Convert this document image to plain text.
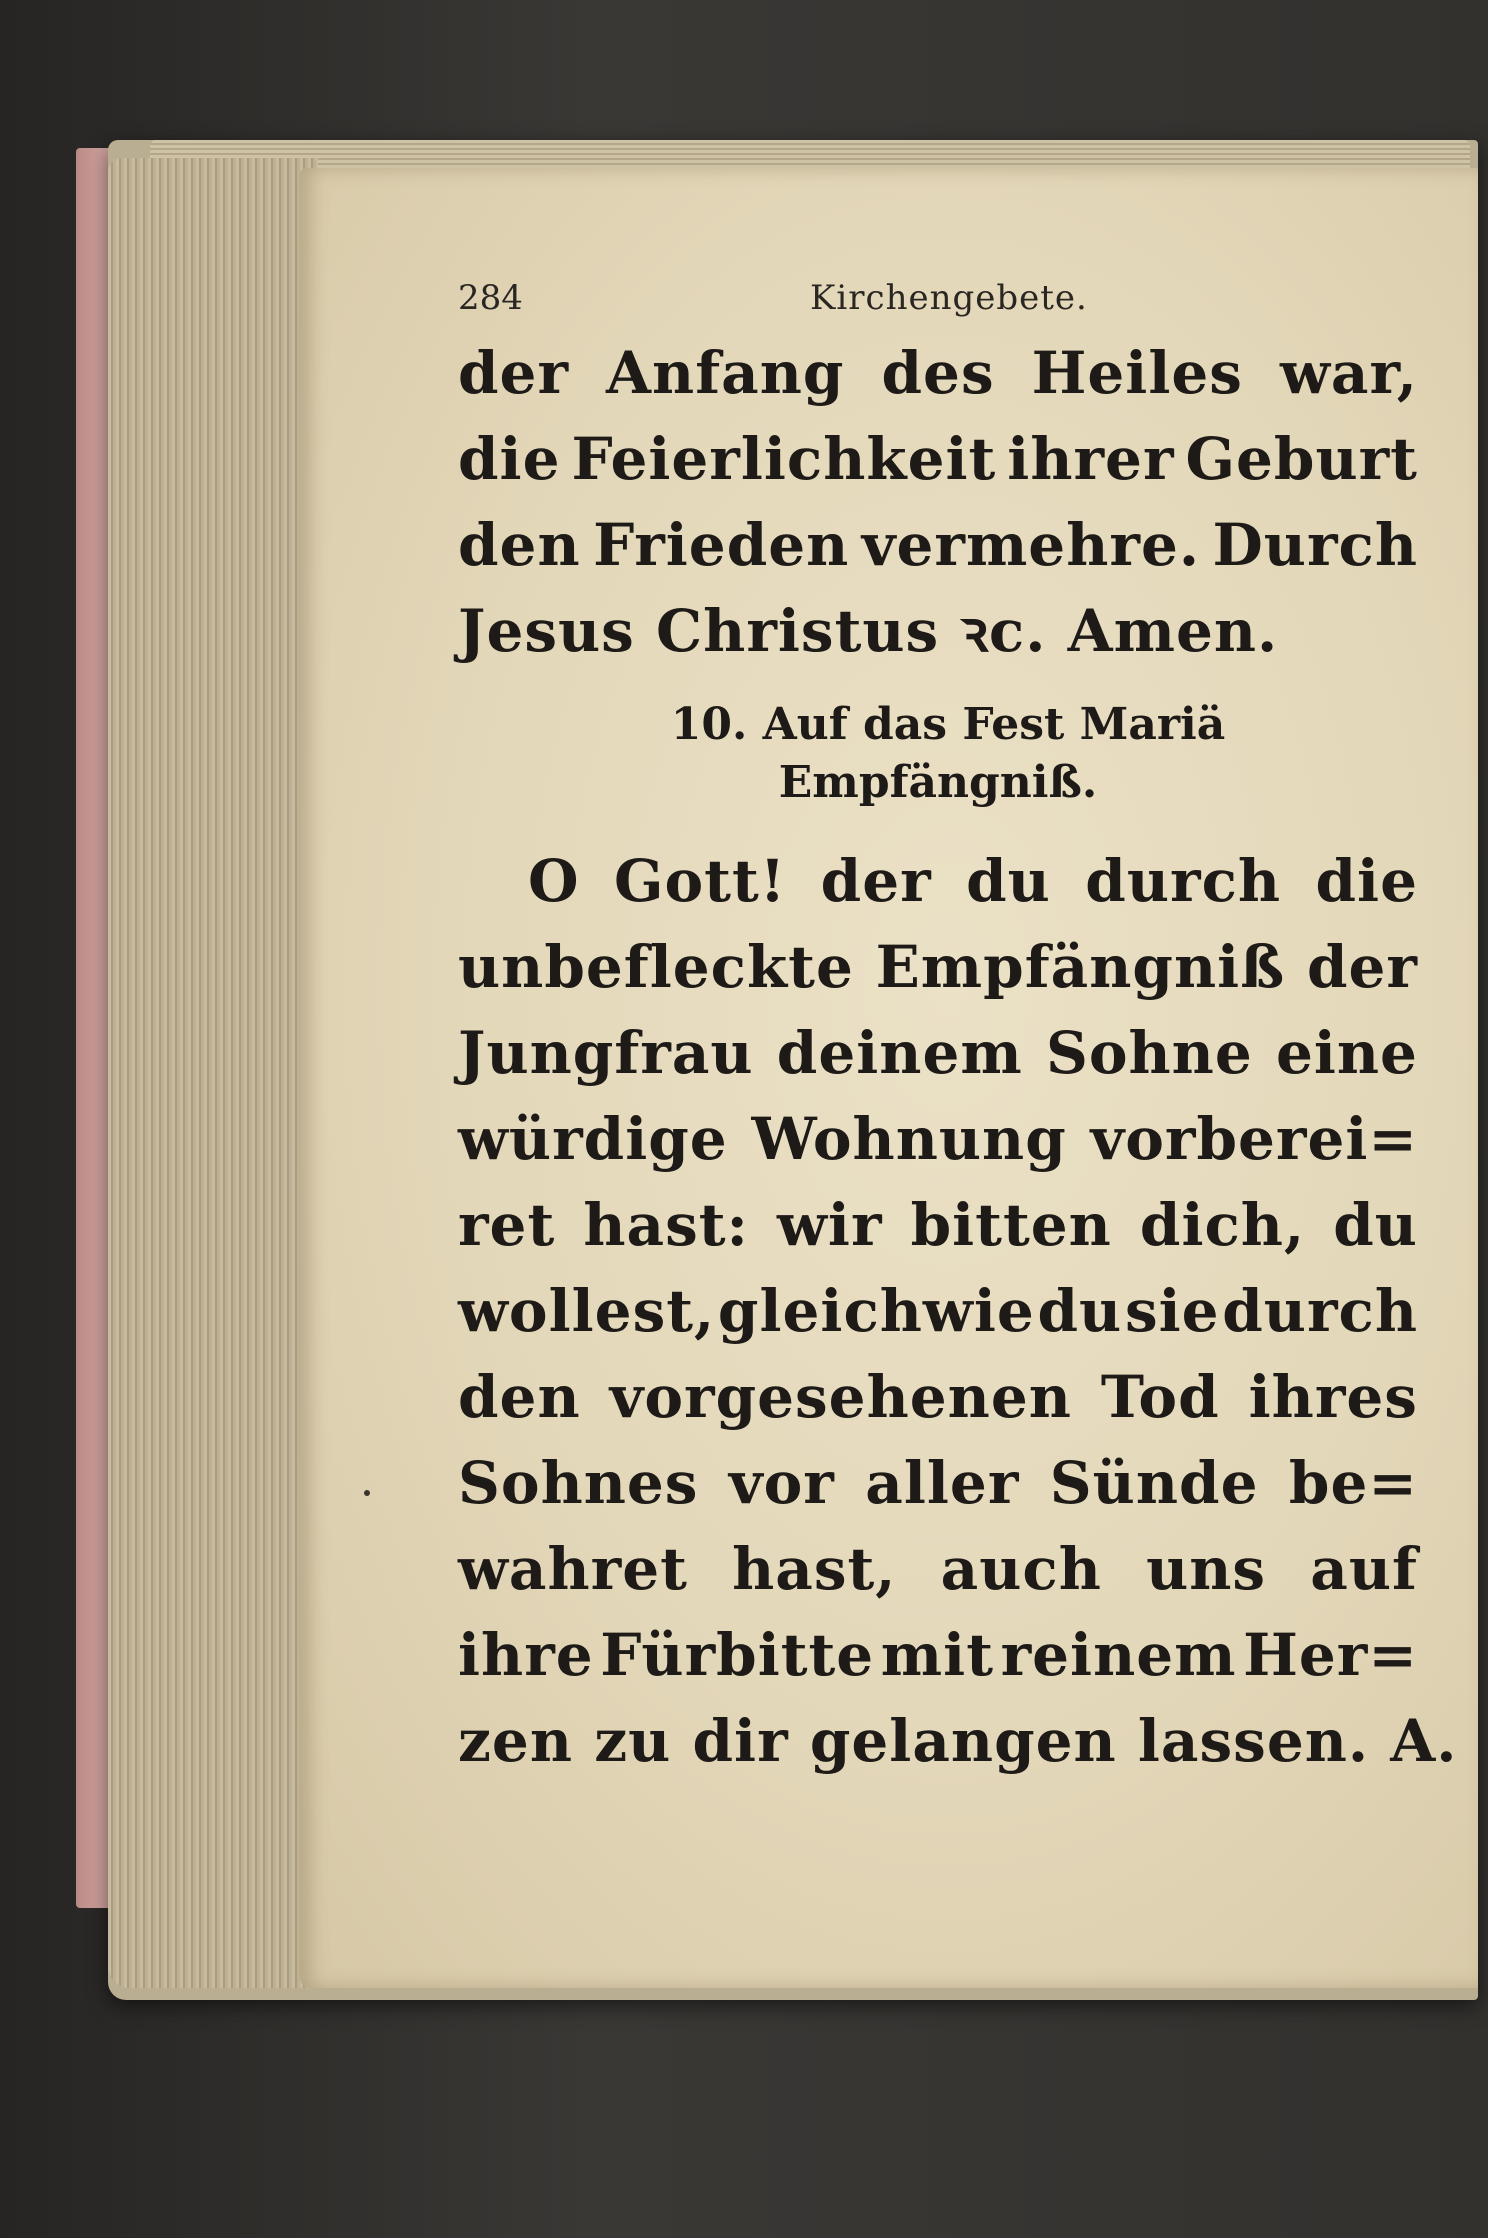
284	Kirchengebete.
der Anfang des Heiles war,
die Feierlichkeit ihrer Geburt
den Frieden vermehre. Durch
Jesus Christus ꝛc. Amen.
10. Auf das Fest Mariä
Empfängniß.
O Gott! der du durch die
unbefleckte Empfängniß der
Jungfrau deinem Sohne eine
würdige Wohnung vorberei=
ret hast: wir bitten dich, du
wollest, gleichwie du sie durch
den vorgesehenen Tod ihres
Sohnes vor aller Sünde be=
wahret hast, auch uns auf
ihre Fürbitte mit reinem Her=
zen zu dir gelangen lassen. A.
